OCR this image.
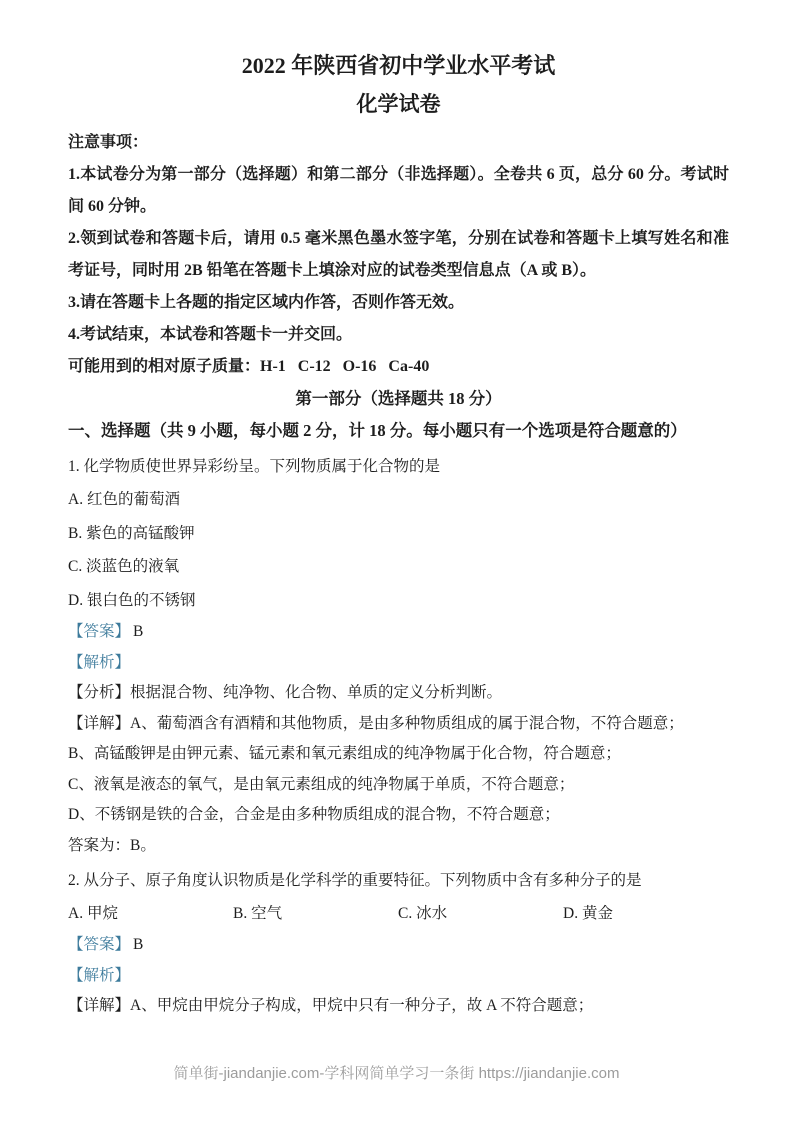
2022 年陕西省初中学业水平考试

化学试卷

注意事项：

1.本试卷分为第一部分（选择题）和第二部分（非选择题）。全卷共 6 页，总分 60 分。考试时间 60 分钟。

2.领到试卷和答题卡后，请用 0.5 毫米黑色墨水签字笔，分别在试卷和答题卡上填写姓名和准考证号，同时用 2B 铅笔在答题卡上填涂对应的试卷类型信息点（A 或 B）。

3.请在答题卡上各题的指定区域内作答，否则作答无效。

4.考试结束，本试卷和答题卡一并交回。

可能用到的相对原子质量：H-1   C-12   O-16   Ca-40

第一部分（选择题共 18 分）

一、选择题（共 9 小题，每小题 2 分，计 18 分。每小题只有一个选项是符合题意的）

1. 化学物质使世界异彩纷呈。下列物质属于化合物的是

A. 红色的葡萄酒

B. 紫色的高锰酸钾

C. 淡蓝色的液氧

D. 银白色的不锈钢

【答案】 B

【解析】

【分析】根据混合物、纯净物、化合物、单质的定义分析判断。

【详解】A、葡萄酒含有酒精和其他物质，是由多种物质组成的属于混合物，不符合题意；

B、高锰酸钾是由钾元素、锰元素和氧元素组成的纯净物属于化合物，符合题意；

C、液氧是液态的氧气，是由氧元素组成的纯净物属于单质，不符合题意；

D、不锈钢是铁的合金，合金是由多种物质组成的混合物，不符合题意；

答案为：B。

2. 从分子、原子角度认识物质是化学科学的重要特征。下列物质中含有多种分子的是

A. 甲烷	B. 空气	C. 冰水	D. 黄金

【答案】 B

【解析】

【详解】A、甲烷由甲烷分子构成，甲烷中只有一种分子，故 A 不符合题意；

简单街-jiandanjie.com-学科网简单学习一条街 https://jiandanjie.com
